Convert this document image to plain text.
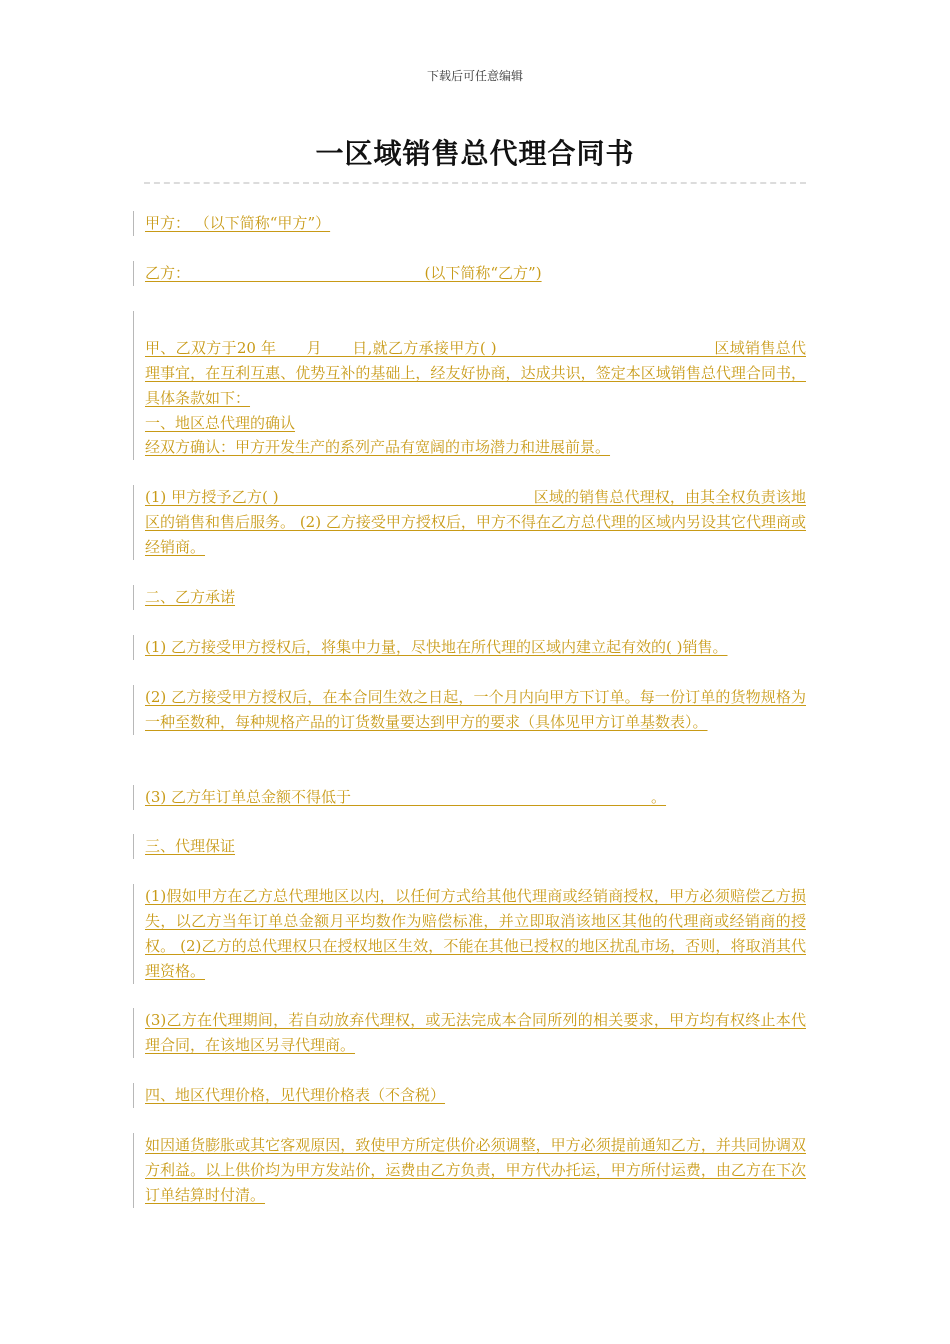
下载后可任意编辑
一区域销售总代理合同书
甲方： （以下简称“甲方”）
乙方： ______________________________ (以下简称“乙方”)

甲、乙双方于20 年____月____日,就乙方承接甲方( )_____________________________区域销售总代理事宜，在互利互惠、优势互补的基础上，经友好协商，达成共识，签定本区域销售总代理合同书，具体条款如下：
一、地区总代理的确认

经双方确认：甲方开发生产的系列产品有宽阔的市场潜力和进展前景。
(1) 甲方授予乙方( )__________________________________区域的销售总代理权，由其全权负责该地区的销售和售后服务。 (2) 乙方接受甲方授权后，甲方不得在乙方总代理的区域内另设其它代理商或经销商。
二、乙方承诺
(1) 乙方接受甲方授权后，将集中力量，尽快地在所代理的区域内建立起有效的( )销售。
(2) 乙方接受甲方授权后，在本合同生效之日起，一个月内向甲方下订单。每一份订单的货物规格为一种至数种，每种规格产品的订货数量要达到甲方的要求（具体见甲方订单基数表）。
(3) 乙方年订单总金额不得低于________________________________________。
三、代理保证
(1)假如甲方在乙方总代理地区以内，以任何方式给其他代理商或经销商授权，甲方必须赔偿乙方损失，以乙方当年订单总金额月平均数作为赔偿标准，并立即取消该地区其他的代理商或经销商的授权。 (2)乙方的总代理权只在授权地区生效，不能在其他已授权的地区扰乱市场，否则，将取消其代理资格。
(3)乙方在代理期间，若自动放弃代理权，或无法完成本合同所列的相关要求，甲方均有权终止本代理合同，在该地区另寻代理商。
四、地区代理价格，见代理价格表（不含税）
如因通货膨胀或其它客观原因，致使甲方所定供价必须调整，甲方必须提前通知乙方，并共同协调双方利益。以上供价均为甲方发站价，运费由乙方负责，甲方代办托运，甲方所付运费，由乙方在下次订单结算时付清。
